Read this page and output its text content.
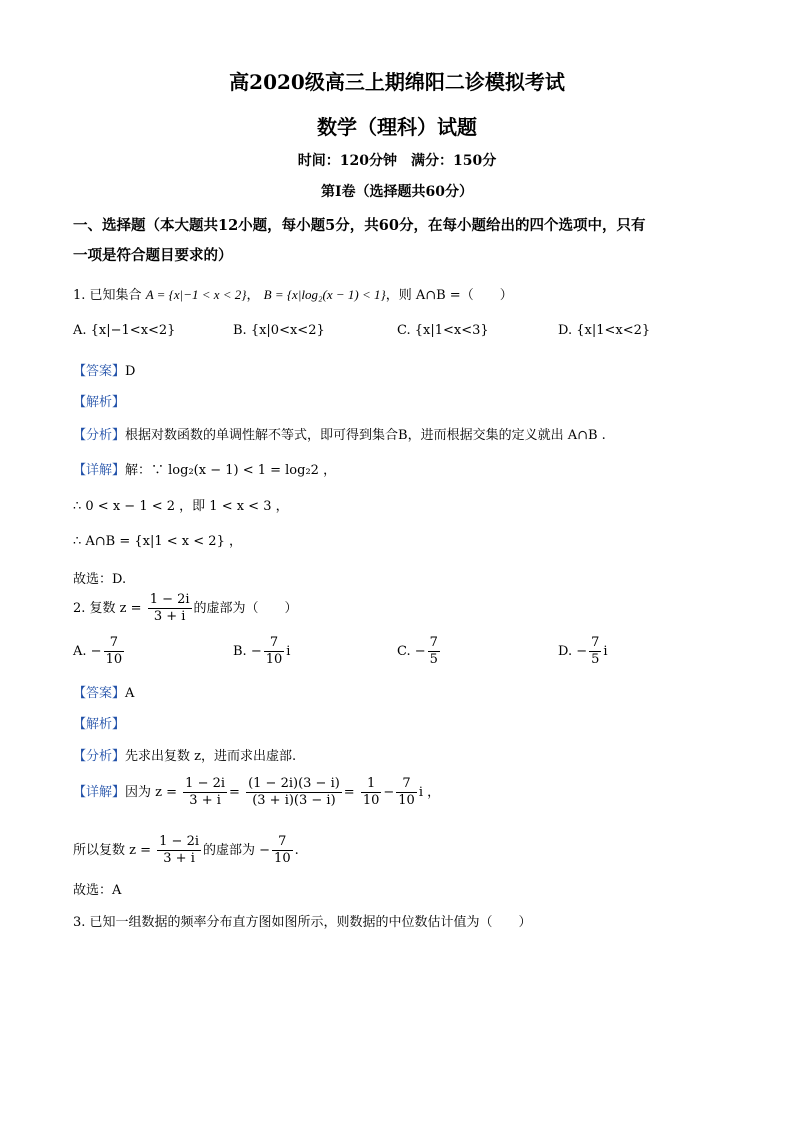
高2020级高三上期绵阳二诊模拟考试
数学（理科）试题
时间：120分钟　满分：150分
第Ⅰ卷（选择题共60分）
一、选择题（本大题共12小题，每小题5分，共60分，在每小题给出的四个选项中，只有
一项是符合题目要求的）
1. 已知集合 A = {x|−1 < x < 2}， B = {x|log₂(x − 1) < 1}，则 A∩B =（　　）
A. {x|−1<x<2}	B. {x|0<x<2}	C. {x|1<x<3}	D. {x|1<x<2}
【答案】D
【解析】
【分析】根据对数函数的单调性解不等式，即可得到集合B，进而根据交集的定义就出 A∩B .
【详解】解：∵ log₂(x − 1) < 1 = log₂2 ，
∴ 0 < x − 1 < 2 ，即 1 < x < 3 ，
∴ A∩B = {x|1 < x < 2} ，
故选：D.
2. 复数 $z = \frac{1 - 2i}{3 + i}$ 的虚部为（　　）
A. − $\frac{7}{10}$	B. − $\frac{7}{10}$ i	C. − $\frac{7}{5}$	D. − $\frac{7}{5}$ i
【答案】A
【解析】
【分析】先求出复数 z，进而求出虚部.
【详解】因为 $z = \frac{1 - 2i}{3 + i} = \frac{(1 - 2i)(3 - i)}{(3 + i)(3 - i)} = \frac{1}{10} - \frac{7}{10}$ i ，
所以复数 $z = \frac{1 - 2i}{3 + i}$ 的虚部为 − $\frac{7}{10}$ .
故选：A
3. 已知一组数据的频率分布直方图如图所示，则数据的中位数估计值为（　　）
